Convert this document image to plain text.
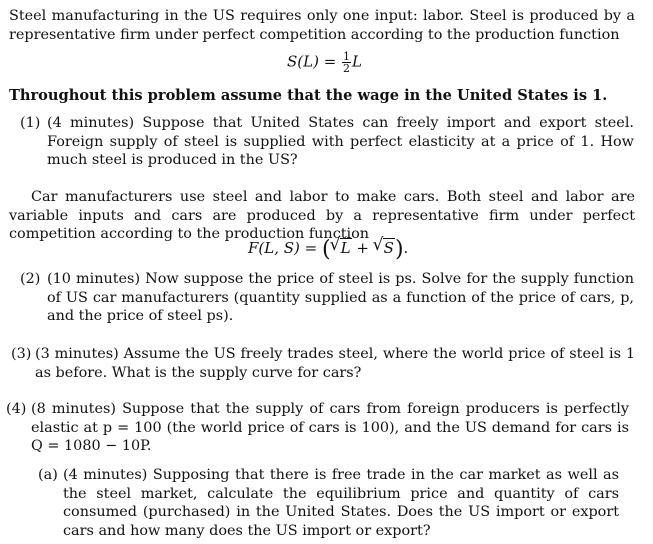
Steel manufacturing in the US requires only one input: labor. Steel is produced by a representative firm under perfect competition according to the production function

$S(L) = \frac{1}{2}$ L

Throughout this problem assume that the wage in the United States is 1.

(1) (4 minutes) Suppose that United States can freely import and export steel. Foreign supply of steel is supplied with perfect elasticity at a price of 1. How much steel is produced in the US?

Car manufacturers use steel and labor to make cars. Both steel and labor are variable inputs and cars are produced by a representative firm under perfect competition according to the production function

F(L, S) = (√ L + √ S).
(2) (10 minutes) Now suppose the price of steel is ps. Solve for the supply function of US car manufacturers (quantity supplied as a function of the price of cars, p, and the price of steel ps).
(3) (3 minutes) Assume the US freely trades steel, where the world price of steel is 1 as before. What is the supply curve for cars?
(4) (8 minutes) Suppose that the supply of cars from foreign producers is perfectly elastic at p = 100 (the world price of cars is 100), and the US demand for cars is Q = 1080 − 10P.
(a) (4 minutes) Supposing that there is free trade in the car market as well as the steel market, calculate the equilibrium price and quantity of cars consumed (purchased) in the United States. Does the US import or export cars and how many does the US import or export?
